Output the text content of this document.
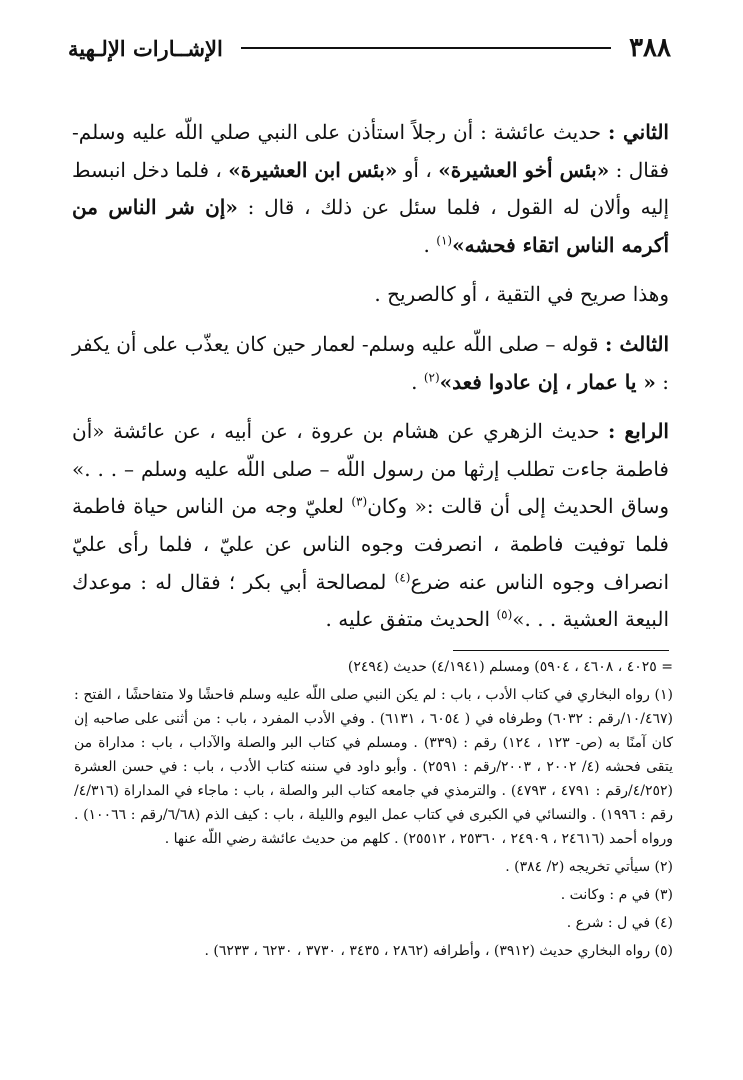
٣٨٨
الإشــارات الإلـهية

الثاني : حديث عائشة : أن رجلاً استأذن على النبي صلي اللّه عليه وسلم- فقال : «بئس أخو العشيرة» ، أو «بئس ابن العشيرة» ، فلما دخل انبسط إليه وألان له القول ، فلما سئل عن ذلك ، قال : «إن شر الناس من أكرمه الناس اتقاء فحشه»$^{(١)}$ .

وهذا صريح في التقية ، أو كالصريح .

الثالث : قوله – صلى اللّه عليه وسلم- لعمار حين كان يعذّب على أن يكفر : « يا عمار ، إن عادوا فعد»$^{(٢)}$ .

الرابع : حديث الزهري عن هشام بن عروة ، عن أبيه ، عن عائشة «أن فاطمة جاءت تطلب إرثها من رسول اللّه – صلى اللّه عليه وسلم – . . .» وساق الحديث إلى أن قالت :« وكان$^{(٣)}$ لعليّ وجه من الناس حياة فاطمة فلما توفيت فاطمة ، انصرفت وجوه الناس عن عليّ ، فلما رأى عليّ انصراف وجوه الناس عنه ضرع$^{(٤)}$ لمصالحة أبي بكر ؛ فقال له : موعدك البيعة العشية . . .»$^{(٥)}$ الحديث متفق عليه .

= ٤٠٢٥ ، ٤٦٠٨ ، ٥٩٠٤) ومسلم (٤/١٩٤١) حديث (٢٤٩٤)

(١) رواه البخاري في كتاب الأدب ، باب : لم يكن النبي صلى اللّه عليه وسلم فاحشًا ولا متفاحشًا ، الفتح : (١٠/٤٦٧/رقم : ٦٠٣٢) وطرفاه في ( ٦٠٥٤ ، ٦١٣١) . وفي الأدب المفرد ، باب : من أثنى على صاحبه إن كان آمنًا به (ص- ١٢٣ ، ١٢٤) رقم : (٣٣٩) . ومسلم في كتاب البر والصلة والآداب ، باب : مداراة من يتقى فحشه (٤/ ٢٠٠٢ ، ٢٠٠٣/رقم : ٢٥٩١) . وأبو داود في سننه كتاب الأدب ، باب : في حسن العشرة (٤/٢٥٢/رقم : ٤٧٩١ ، ٤٧٩٣) . والترمذي في جامعه كتاب البر والصلة ، باب : ماجاء في المداراة (٤/٣١٦/رقم : ١٩٩٦) . والنسائي في الكبرى في كتاب عمل اليوم والليلة ، باب : كيف الذم (٦/٦٨/رقم : ١٠٠٦٦) . ورواه أحمد (٢٤٦١٦ ، ٢٤٩٠٩ ، ٢٥٣٦٠ ، ٢٥٥١٢) . كلهم من حديث عائشة رضي اللّه عنها .

(٢) سيأتي تخريجه (٢/ ٣٨٤) .

(٣) في م : وكانت .

(٤) في ل : شرع .

(٥) رواه البخاري حديث (٣٩١٢) ، وأطرافه (٢٨٦٢ ، ٣٤٣٥ ، ٣٧٣٠ ، ٦٢٣٠ ، ٦٢٣٣) .
